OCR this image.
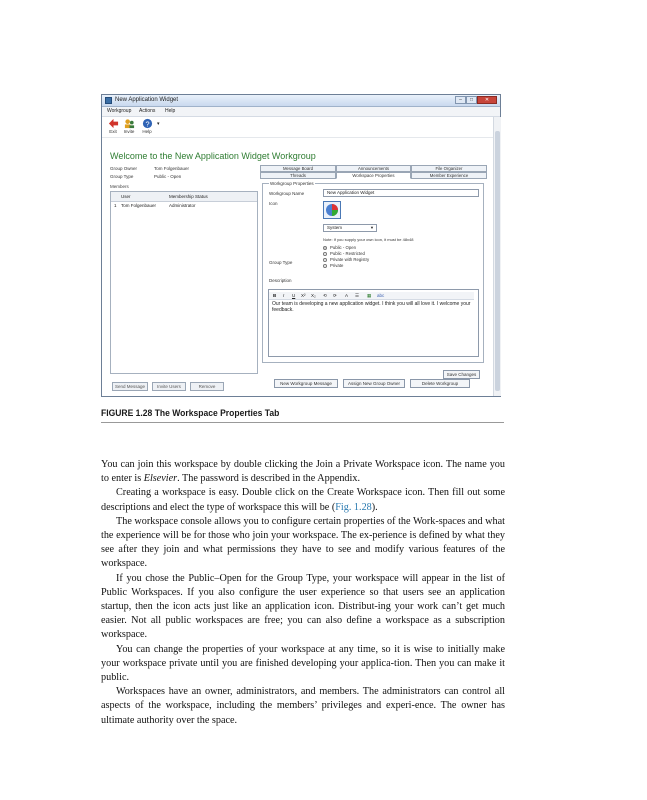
New Application Widget	–	□	✕
Workgroup Actions Help
Exit	Invite
?
Help
▾
Welcome to the New Application Widget Workgroup
Group Owner	Tom Folgenbauer
Group Type	Public - Open
Members
User	Membership Status
1 Tom Folgenbauer	Administrator
Send Message	Invite Users	Remove
Message Board	Announcements	File Organizer
Threads	Workspace Properties	Member Experience
Workgroup Properties
Workgroup Name	New Application Widget
Icon
System	▼
Note: If you supply your own icon, it must be 48x48
Group Type
Public - Open
Public - Restricted
Private with Registry
Private
Description
B I U X² X₂ ⟲ ⟳ A ☰ ▦ abc
Our team is developing a new application widget. I think you will all love it. I welcome your feedback.
Save Changes
New Workgroup Message	Assign New Group Owner	Delete Workgroup
FIGURE 1.28 The Workspace Properties Tab

You can join this workspace by double clicking the Join a Private Workspace icon. The name you to enter is Elsevier. The password is described in the Appendix.

Creating a workspace is easy. Double click on the Create Workspace icon. Then fill out some descriptions and elect the type of workspace this will be (Fig. 1.28).

The workspace console allows you to configure certain properties of the Work-spaces and what the experience will be for those who join your workspace. The ex-perience is defined by what they see after they join and what permissions they have to see and modify various features of the workspace.

If you chose the Public–Open for the Group Type, your workspace will appear in the list of Public Workspaces. If you also configure the user experience so that users see an application startup, then the icon acts just like an application icon. Distribut-ing your work can’t get much easier. Not all public workspaces are free; you can also define a workspace as a subscription workspace.

You can change the properties of your workspace at any time, so it is wise to initially make your workspace private until you are finished developing your applica-tion. Then you can make it public.

Workspaces have an owner, administrators, and members. The administrators can control all aspects of the workspace, including the members’ privileges and experi-ence. The owner has ultimate authority over the space.
